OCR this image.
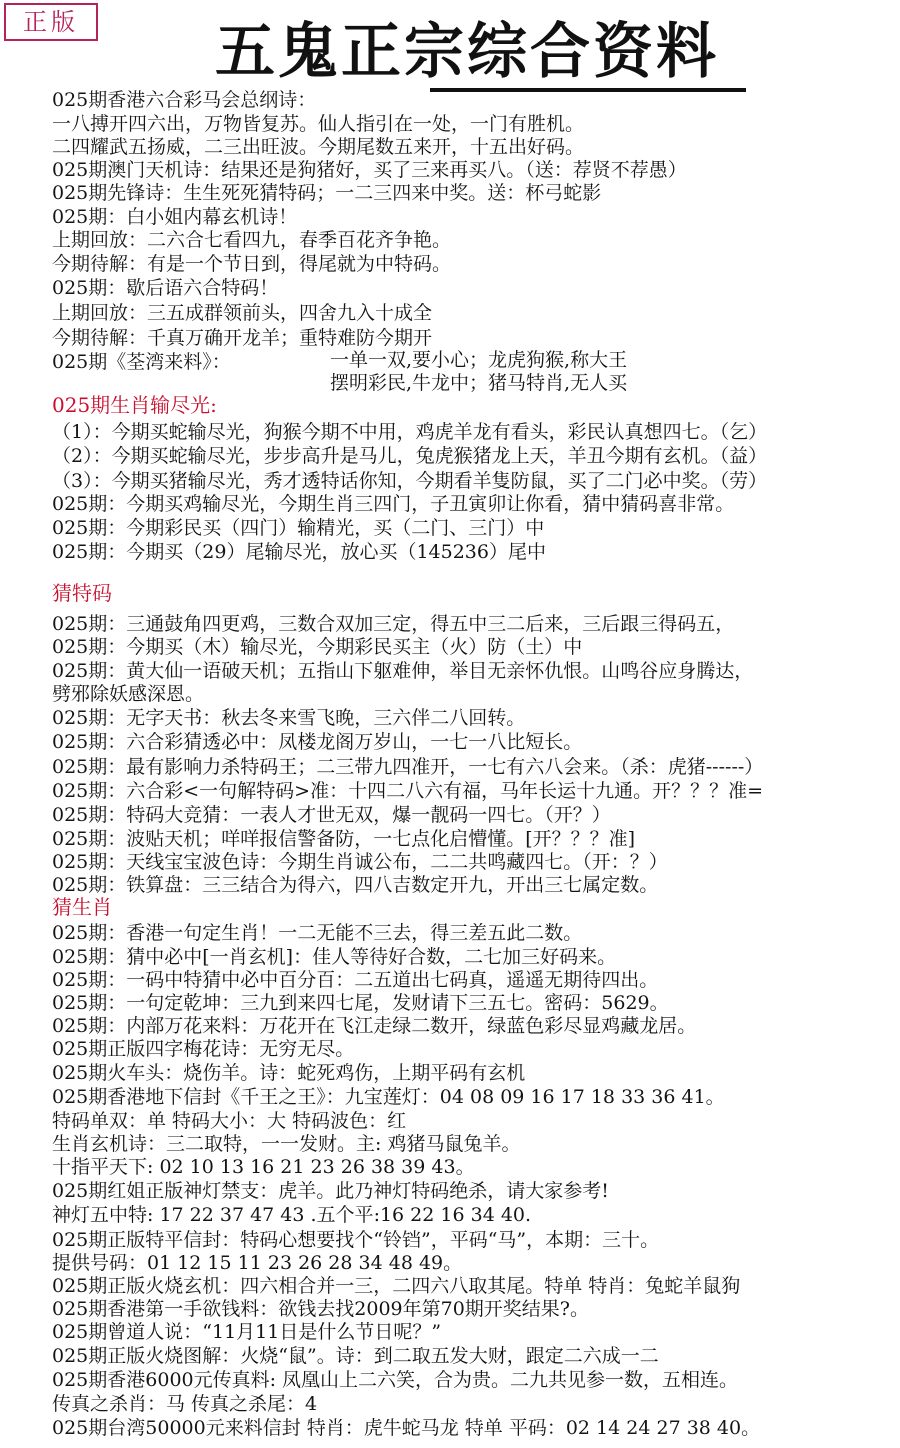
正版	五鬼正宗综合资料
025期香港六合彩马会总纲诗：
一八搏开四六出，万物皆复苏。仙人指引在一处，一门有胜机。
二四耀武五扬威，二三出旺波。今期尾数五来开，十五出好码。
025期澳门天机诗：结果还是狗猪好，买了三来再买八。（送：荐贤不荐愚）
025期先锋诗：生生死死猜特码；一二三四来中奖。送：杯弓蛇影
025期：白小姐内幕玄机诗！
上期回放：二六合七看四九，春季百花齐争艳。
今期待解：有是一个节日到，得尾就为中特码。
025期：歇后语六合特码！
上期回放：三五成群领前头，四舍九入十成全
今期待解：千真万确开龙羊；重特难防今期开
025期《荃湾来料》：	一单一双,要小心；龙虎狗猴,称大王
摆明彩民,牛龙中；猪马特肖,无人买
025期生肖输尽光:
（1）：今期买蛇输尽光，狗猴今期不中用，鸡虎羊龙有看头，彩民认真想四七。（乞）
（2）：今期买蛇输尽光，步步高升是马儿，兔虎猴猪龙上天，羊丑今期有玄机。（益）
（3）：今期买猪输尽光，秀才透特话你知，今期看羊隻防鼠，买了二门必中奖。（劳）
025期：今期买鸡输尽光，今期生肖三四门，子丑寅卯让你看，猜中猜码喜非常。
025期：今期彩民买（四门）输精光，买（二门、三门）中
025期：今期买（29）尾输尽光，放心买（145236）尾中
猜特码
025期：三通鼓角四更鸡，三数合双加三定，得五中三二后来，三后跟三得码五，
025期：今期买（木）输尽光，今期彩民买主（火）防（土）中
025期：黄大仙一语破天机；五指山下躯难伸，举目无亲怀仇恨。山鸣谷应身腾达，
劈邪除妖感深恩。
025期：无字天书：秋去冬来雪飞晚，三六伴二八回转。
025期：六合彩猜透必中：凤楼龙阁万岁山，一七一八比短长。
025期：最有影响力杀特码王；二三带九四准开，一七有六八会来。（杀：虎猪------）
025期：六合彩<一句解特码>准：十四二八六有福，马年长运十九通。开？？？准=
025期：特码大竞猜：一表人才世无双，爆一靓码一四七。（开？）
025期：波贴天机；咩咩报信警备防，一七点化启懵懂。[开？？？准]
025期：天线宝宝波色诗：今期生肖诚公布，二二共鸣藏四七。（开：？）
025期：铁算盘：三三结合为得六，四八吉数定开九，开出三七属定数。
猜生肖
025期：香港一句定生肖！一二无能不三去，得三差五此二数。
025期：猜中必中[一肖玄机]：佳人等待好合数，二七加三好码来。
025期：一码中特猜中必中百分百：二五道出七码真，遥遥无期待四出。
025期：一句定乾坤：三九到来四七尾，发财请下三五七。密码：5629。
025期：内部万花来料：万花开在飞江走绿二数开，绿蓝色彩尽显鸡藏龙居。
025期正版四字梅花诗：无穷无尽。
025期火车头：烧伤羊。诗：蛇死鸡伤，上期平码有玄机
025期香港地下信封《千王之王》：九宝莲灯：04 08 09 16 17 18 33 36 41。
特码单双：单 特码大小：大 特码波色：红
生肖玄机诗：三二取特，一一发财。主: 鸡猪马鼠兔羊。
十指平天下: 02 10 13 16 21 23 26 38 39 43。
025期红姐正版神灯禁支：虎羊。此乃神灯特码绝杀，请大家参考!
神灯五中特: 17 22 37 47 43 .五个平:16 22 16 34 40.
025期正版特平信封：特码心想要找个“铃铛”，平码“马”，本期：三十。
提供号码：01 12 15 11 23 26 28 34 48 49。
025期正版火烧玄机：四六相合并一三，二四六八取其尾。特单 特肖：兔蛇羊鼠狗
025期香港第一手欲钱料：欲钱去找2009年第70期开奖结果?。
025期曾道人说：“11月11日是什么节日呢？”
025期正版火烧图解：火烧“鼠”。诗：到二取五发大财，跟定二六成一二
025期香港6000元传真料: 凤凰山上二六笑，合为贵。二九共见参一数，五相连。
传真之杀肖：马 传真之杀尾：4
025期台湾50000元来料信封 特肖：虎牛蛇马龙 特单 平码：02 14 24 27 38 40。
